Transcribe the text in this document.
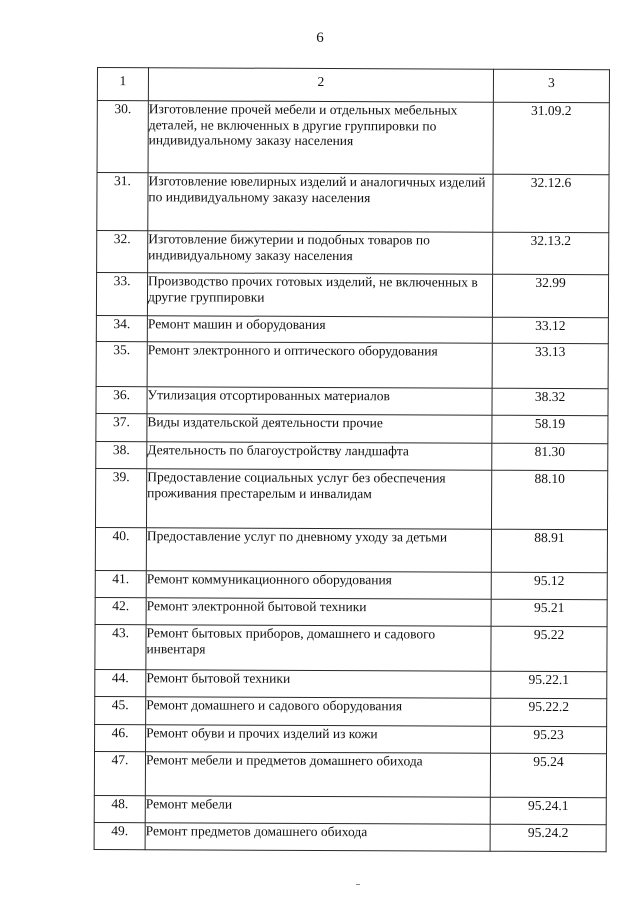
6
1	2	3
30.	Изготовление прочей мебели и отдельных мебельных деталей, не включенных в другие группировки по индивидуальному заказу населения	31.09.2
31.	Изготовление ювелирных изделий и аналогичных изделий по индивидуальному заказу населения	32.12.6
32.	Изготовление бижутерии и подобных товаров по индивидуальному заказу населения	32.13.2
33.	Производство прочих готовых изделий, не включенных в другие группировки	32.99
34.	Ремонт машин и оборудования	33.12
35.	Ремонт электронного и оптического оборудования	33.13
36.	Утилизация отсортированных материалов	38.32
37.	Виды издательской деятельности прочие	58.19
38.	Деятельность по благоустройству ландшафта	81.30
39.	Предоставление социальных услуг без обеспечения проживания престарелым и инвалидам	88.10
40.	Предоставление услуг по дневному уходу за детьми	88.91
41.	Ремонт коммуникационного оборудования	95.12
42.	Ремонт электронной бытовой техники	95.21
43.	Ремонт бытовых приборов, домашнего и садового инвентаря	95.22
44.	Ремонт бытовой техники	95.22.1
45.	Ремонт домашнего и садового оборудования	95.22.2
46.	Ремонт обуви и прочих изделий из кожи	95.23
47.	Ремонт мебели и предметов домашнего обихода	95.24
48.	Ремонт мебели	95.24.1
49.	Ремонт предметов домашнего обихода	95.24.2
